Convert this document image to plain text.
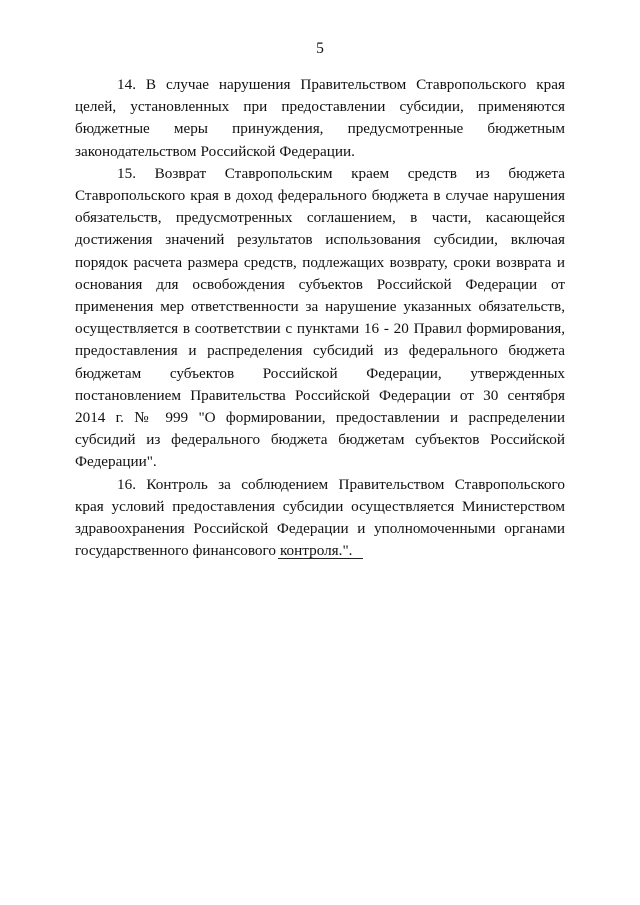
5

14. В случае нарушения Правительством Ставропольского края целей, установленных при предоставлении субсидии, применяются бюджетные меры принуждения, предусмотренные бюджетным законодательством Российской Федерации.

15. Возврат Ставропольским краем средств из бюджета Ставропольского края в доход федерального бюджета в случае нарушения обязательств, предусмотренных соглашением, в части, касающейся достижения значений результатов использования субсидии, включая порядок расчета размера средств, подлежащих возврату, сроки возврата и основания для освобождения субъектов Российской Федерации от применения мер ответственности за нарушение указанных обязательств, осуществляется в соответствии с пунктами 16 - 20 Правил формирования, предоставления и распределения субсидий из федерального бюджета бюджетам субъектов Российской Федерации, утвержденных постановлением Правительства Российской Федерации от 30 сентября 2014 г. № 999 "О формировании, предоставлении и распределении субсидий из федерального бюджета бюджетам субъектов Российской Федерации".

16. Контроль за соблюдением Правительством Ставропольского края условий предоставления субсидии осуществляется Министерством здравоохранения Российской Федерации и уполномоченными органами государственного финансового контроля.".
